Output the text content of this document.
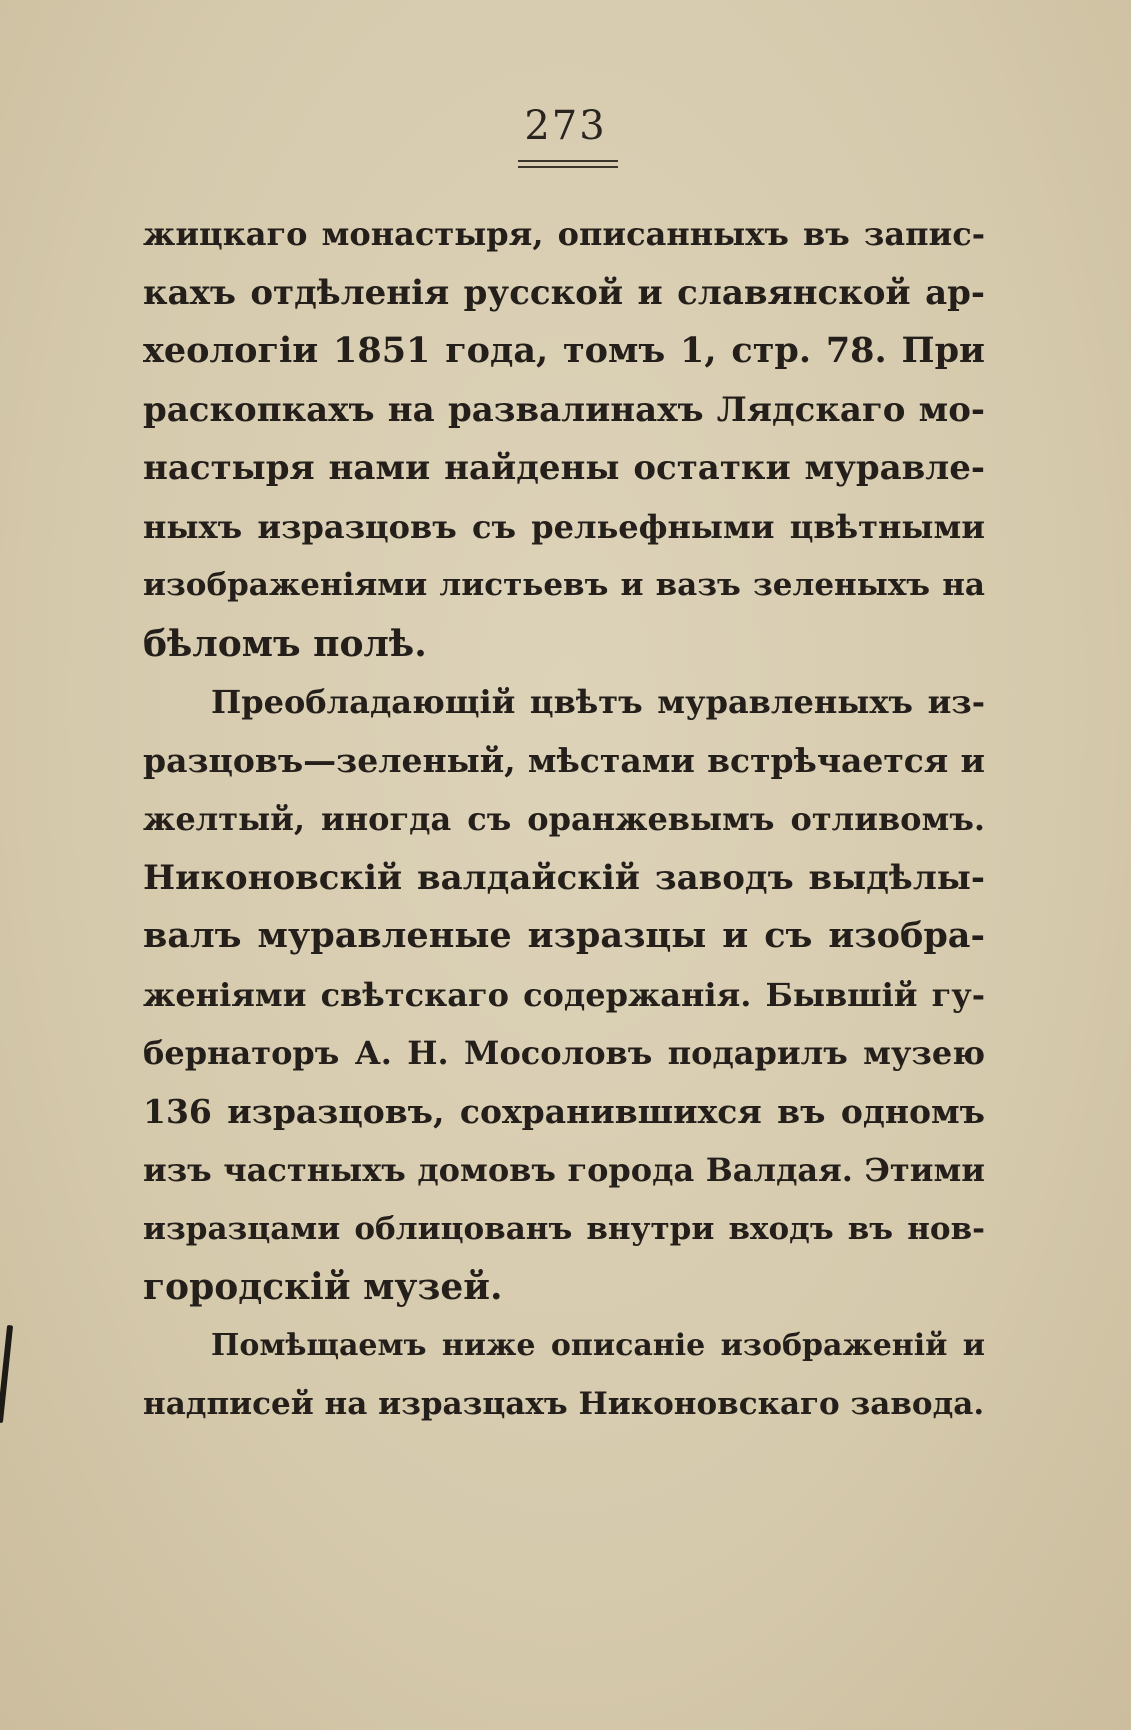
273

жицкаго монастыря, описанныхъ въ запис-
кахъ отдѣленія русской и славянской ар-
хеологіи 1851 года, томъ 1, стр. 78. При
раскопкахъ на развалинахъ Лядскаго мо-
настыря нами найдены остатки муравле-
ныхъ изразцовъ съ рельефными цвѣтными
изображеніями листьевъ и вазъ зеленыхъ на
бѣломъ полѣ.

Преобладающій цвѣтъ муравленыхъ из-
разцовъ—зеленый, мѣстами встрѣчается и
желтый, иногда съ оранжевымъ отливомъ.
Никоновскій валдайскій заводъ выдѣлы-
валъ муравленые изразцы и съ изобра-
женіями свѣтскаго содержанія. Бывшій гу-
бернаторъ А. Н. Мосоловъ подарилъ музею
136 изразцовъ, сохранившихся въ одномъ
изъ частныхъ домовъ города Валдая. Этими
изразцами облицованъ внутри входъ въ нов-
городскій музей.

Помѣщаемъ ниже описаніе изображеній и
надписей на изразцахъ Никоновскаго завода.
